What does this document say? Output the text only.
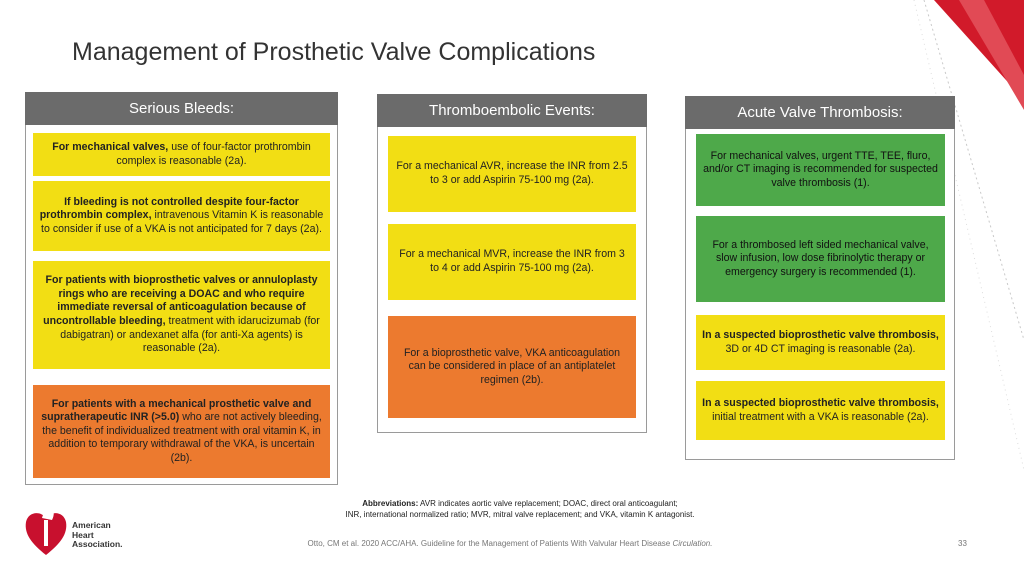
Management of Prosthetic Valve Complications
Serious Bleeds:
For mechanical valves, use of four-factor prothrombin complex is reasonable (2a).
If bleeding is not controlled despite four-factor prothrombin complex, intravenous Vitamin K is reasonable to consider if use of a VKA is not anticipated for 7 days (2a).
For patients with bioprosthetic valves or annuloplasty rings who are receiving a DOAC and who require immediate reversal of anticoagulation because of uncontrollable bleeding, treatment with idarucizumab (for dabigatran) or andexanet alfa (for anti-Xa agents) is reasonable (2a).
For patients with a mechanical prosthetic valve and supratherapeutic INR (>5.0) who are not actively bleeding, the benefit of individualized treatment with oral vitamin K, in addition to temporary withdrawal of the VKA, is uncertain (2b).
Thromboembolic Events:
For a mechanical AVR, increase the INR from 2.5 to 3 or add Aspirin 75-100 mg (2a).
For a mechanical MVR, increase the INR from 3 to 4 or add Aspirin 75-100 mg (2a).
For a bioprosthetic valve, VKA anticoagulation can be considered in place of an antiplatelet regimen (2b).
Acute Valve Thrombosis:
For mechanical valves, urgent TTE, TEE, fluro, and/or CT imaging is recommended for suspected valve thrombosis (1).
For a thrombosed left sided mechanical valve, slow infusion, low dose fibrinolytic therapy or emergency surgery is recommended (1).
In a suspected bioprosthetic valve thrombosis, 3D or 4D CT imaging is reasonable (2a).
In a suspected bioprosthetic valve thrombosis, initial treatment with a VKA is reasonable (2a).
Abbreviations: AVR indicates aortic valve replacement; DOAC, direct oral anticoagulant;
INR, international normalized ratio; MVR, mitral valve replacement; and VKA, vitamin K antagonist.
American
Heart
Association.	Otto, CM et al. 2020 ACC/AHA. Guideline for the Management of Patients With Valvular Heart Disease Circulation.	33
